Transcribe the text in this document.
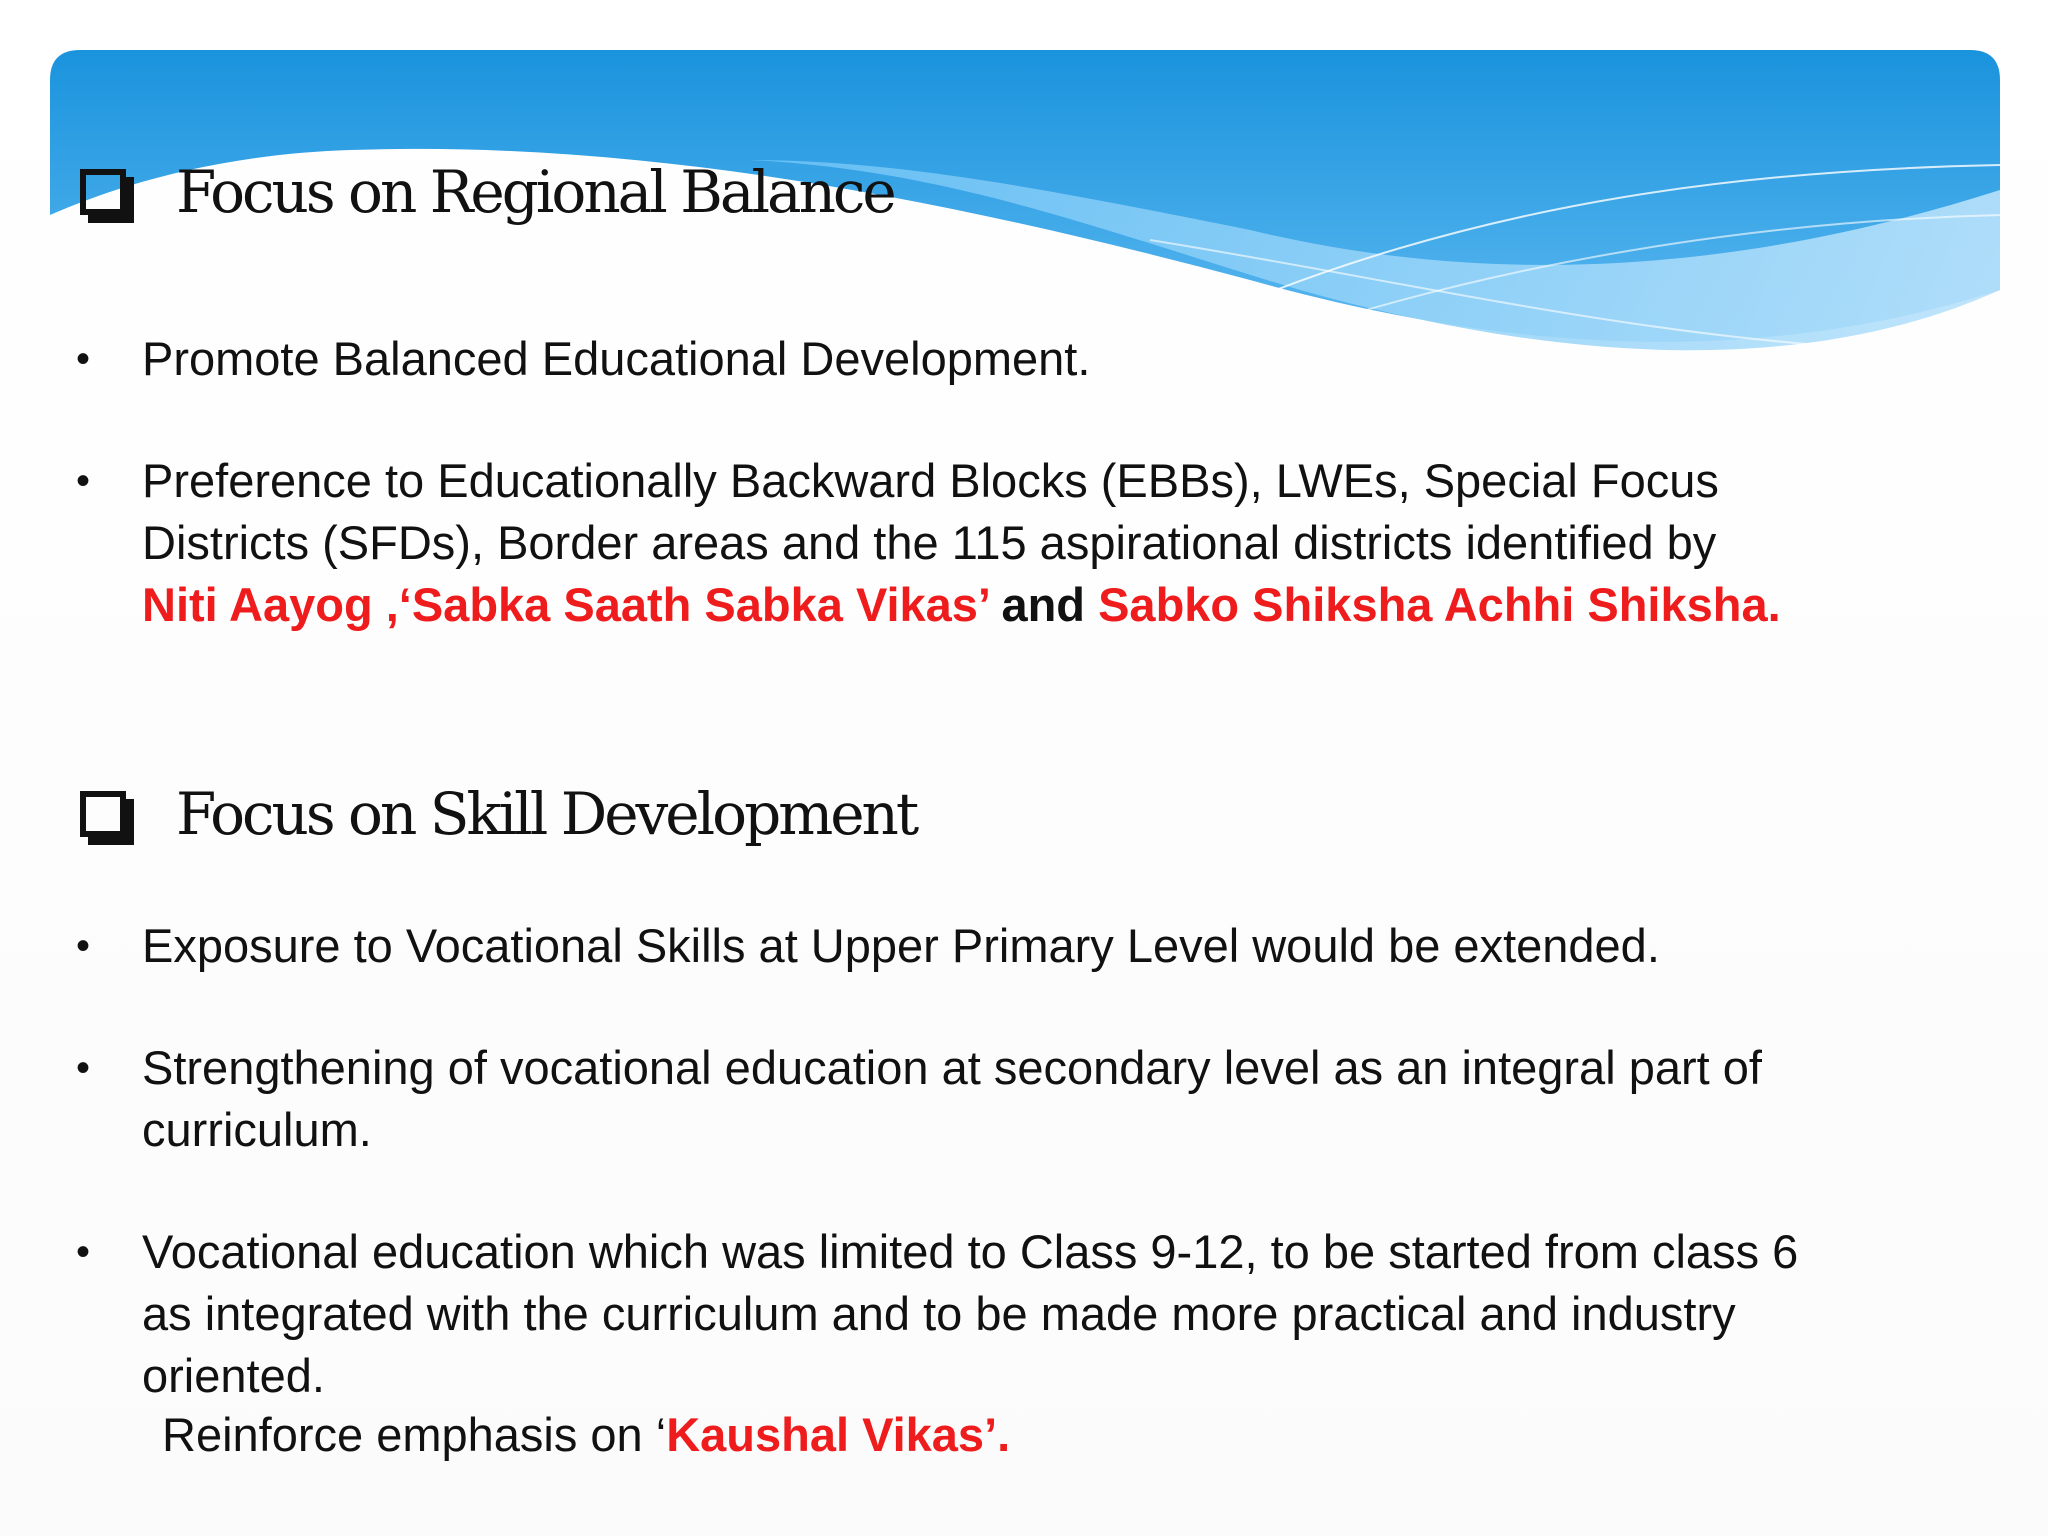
Focus on Regional Balance
•	Promote Balanced Educational Development.
•	Preference to Educationally Backward Blocks (EBBs), LWEs, Special Focus
Districts (SFDs), Border areas and the 115 aspirational districts identified by
Niti Aayog ,‘Sabka Saath Sabka Vikas’ and Sabko Shiksha Achhi Shiksha.
Focus on Skill Development
•	Exposure to Vocational Skills at Upper Primary Level would be extended.
•	Strengthening of vocational education at secondary level as an integral part of
curriculum.
•	Vocational education which was limited to Class 9-12, to be started from class 6
as integrated with the curriculum and to be made more practical and industry
oriented.
Reinforce emphasis on ‘Kaushal Vikas’.
